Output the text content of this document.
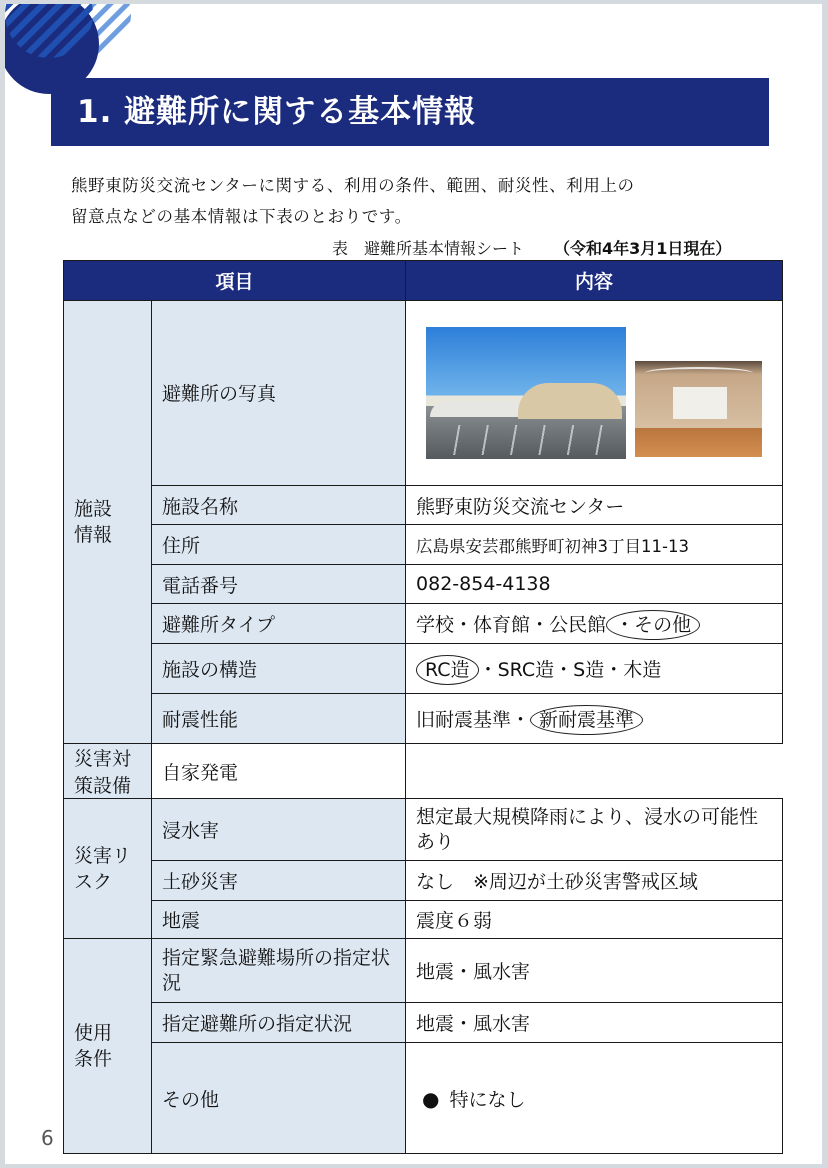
1. 避難所に関する基本情報

熊野東防災交流センターに関する、利用の条件、範囲、耐災性、利用上の

留意点などの基本情報は下表のとおりです。

表　避難所基本情報シート （令和4年3月1日現在）
項目		内容
施設
情報	避難所の写真	

	施設名称	熊野東防災交流センター
	住所	広島県安芸郡熊野町初神3丁目11-13
	電話番号	082-854-4138
	避難所タイプ	学校・体育館・公民館 ・その他
	施設の構造	RC造 ・SRC造・S造・木造
	耐震性能	旧耐震基準・ 新耐震基準
災害対策設備	自家発電	
災害リ
スク	浸水害	想定最大規模降雨により、浸水の可能性あり
	土砂災害	なし　※周辺が土砂災害警戒区域
	地震	震度６弱
使用
条件	指定緊急避難場所の指定状況	地震・風水害
	指定避難所の指定状況	地震・風水害
	その他	● 特になし
6
